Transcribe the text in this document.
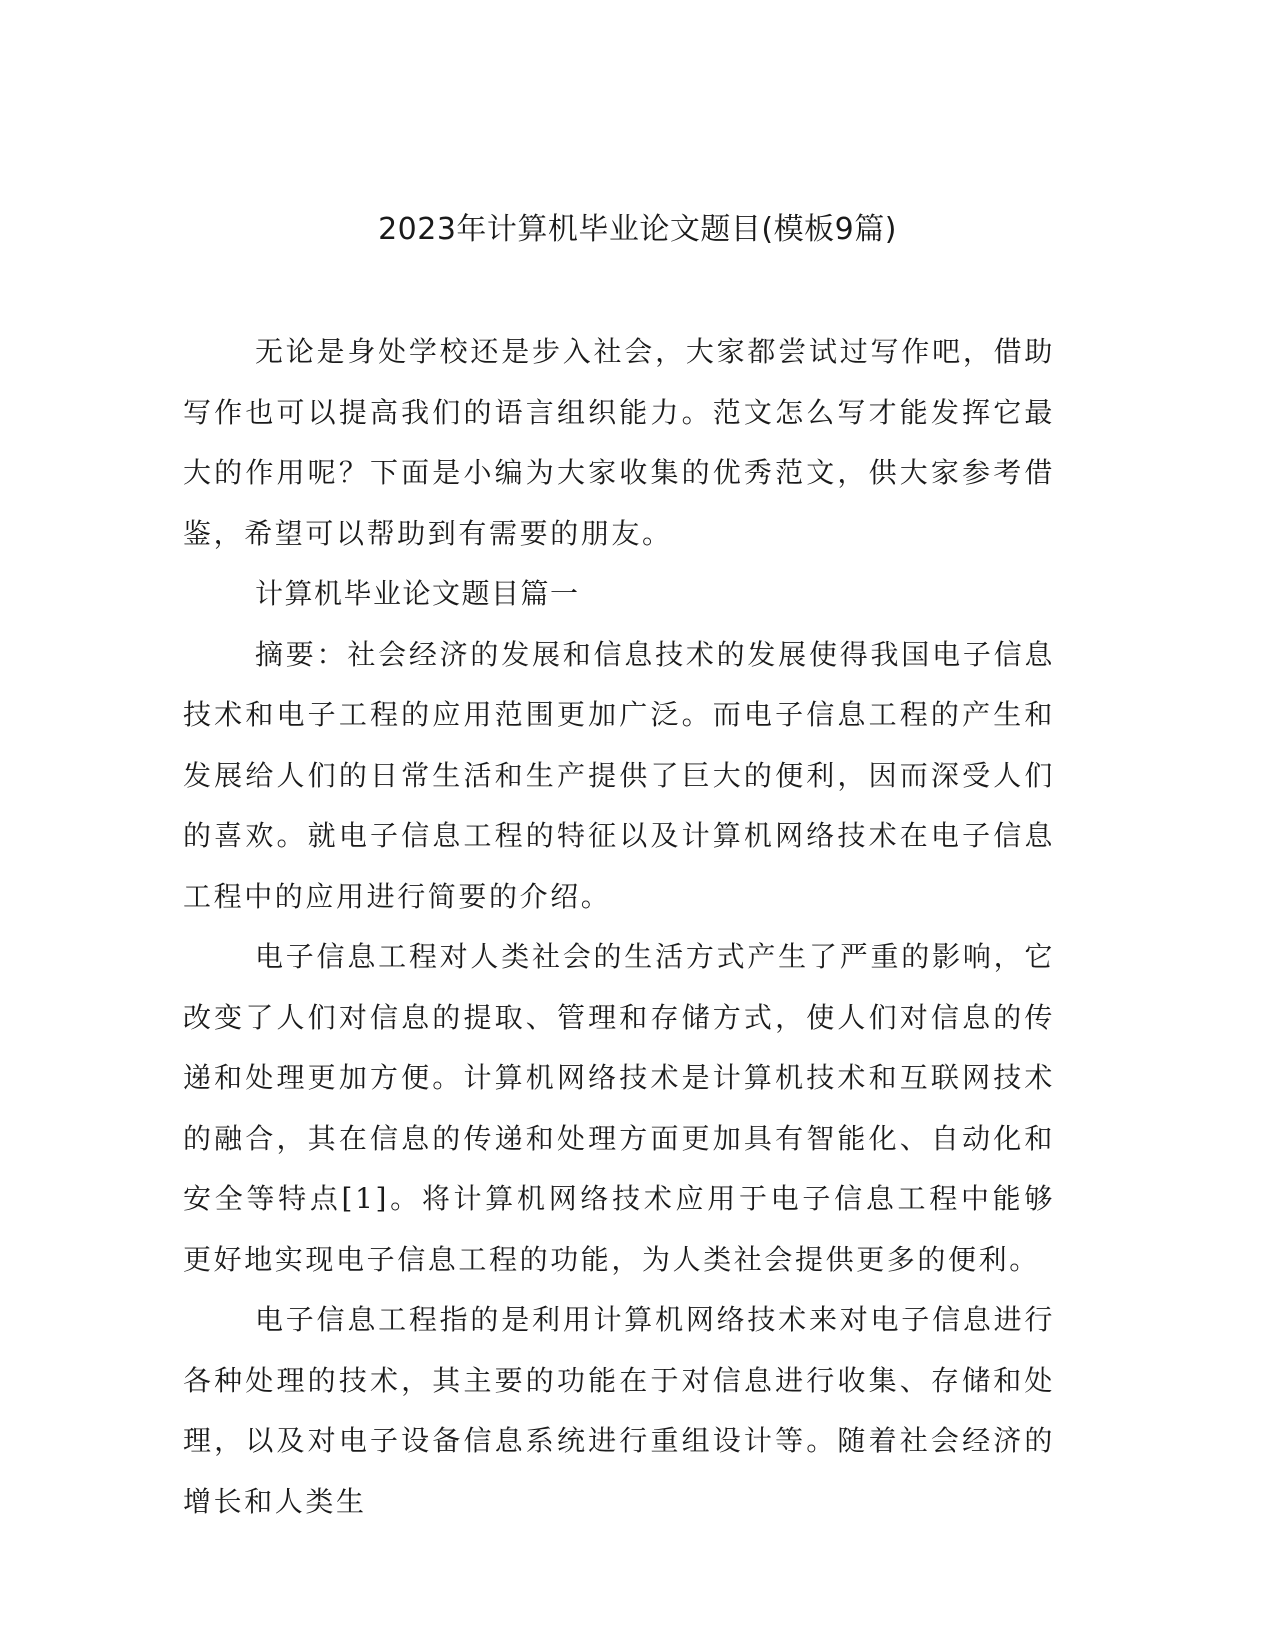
2023年计算机毕业论文题目(模板9篇)

无论是身处学校还是步入社会，大家都尝试过写作吧，借助写作也可以提高我们的语言组织能力。范文怎么写才能发挥它最大的作用呢？下面是小编为大家收集的优秀范文，供大家参考借鉴，希望可以帮助到有需要的朋友。

计算机毕业论文题目篇一

摘要：社会经济的发展和信息技术的发展使得我国电子信息技术和电子工程的应用范围更加广泛。而电子信息工程的产生和发展给人们的日常生活和生产提供了巨大的便利，因而深受人们的喜欢。就电子信息工程的特征以及计算机网络技术在电子信息工程中的应用进行简要的介绍。

电子信息工程对人类社会的生活方式产生了严重的影响，它改变了人们对信息的提取、管理和存储方式，使人们对信息的传递和处理更加方便。计算机网络技术是计算机技术和互联网技术的融合，其在信息的传递和处理方面更加具有智能化、自动化和安全等特点[1]。将计算机网络技术应用于电子信息工程中能够更好地实现电子信息工程的功能，为人类社会提供更多的便利。

电子信息工程指的是利用计算机网络技术来对电子信息进行各种处理的技术，其主要的功能在于对信息进行收集、存储和处理，以及对电子设备信息系统进行重组设计等。随着社会经济的增长和人类生
